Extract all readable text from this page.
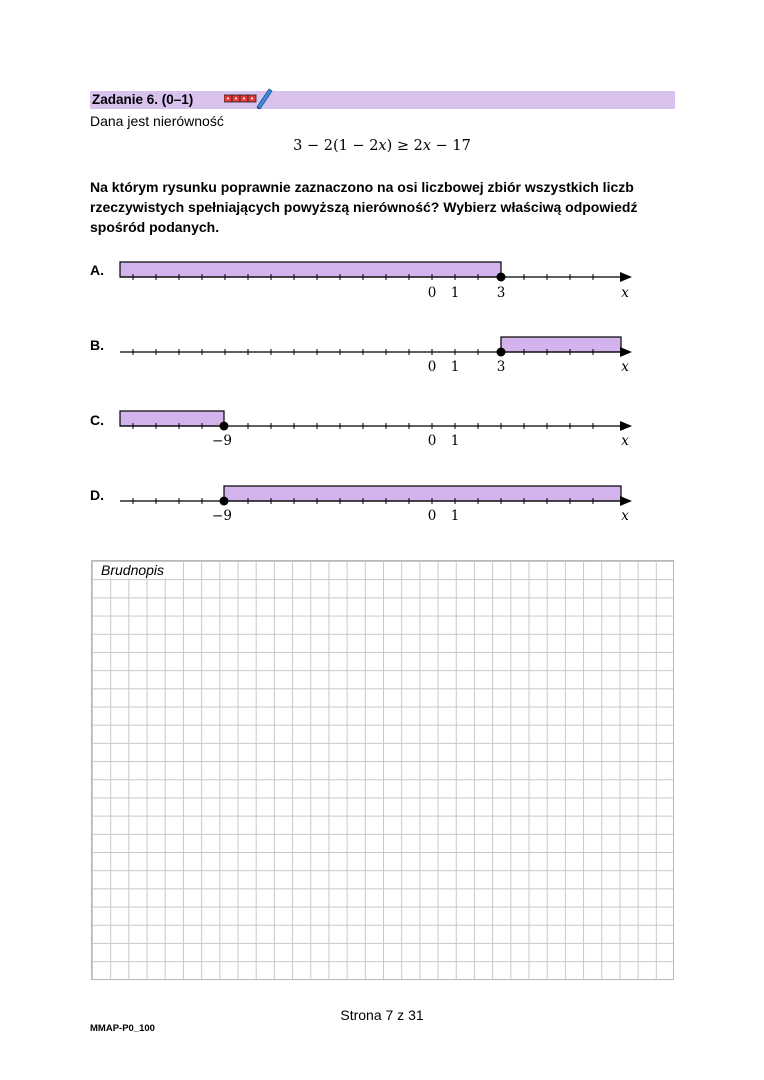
Zadanie 6. (0–1)
Dana jest nierówność
3 − 2(1 − 2𝑥) ≥ 2𝑥 − 17
Na którym rysunku poprawnie zaznaczono na osi liczbowej zbiór wszystkich liczb rzeczywistych spełniających powyższą nierówność? Wybierz właściwą odpowiedź spośród podanych.
A.
B.
C.
D.
0 1	3	𝑥
0 1	3	𝑥
−9	0 1	𝑥
−9	0 1	𝑥
Brudnopis
Strona 7 z 31
MMAP-P0_100
